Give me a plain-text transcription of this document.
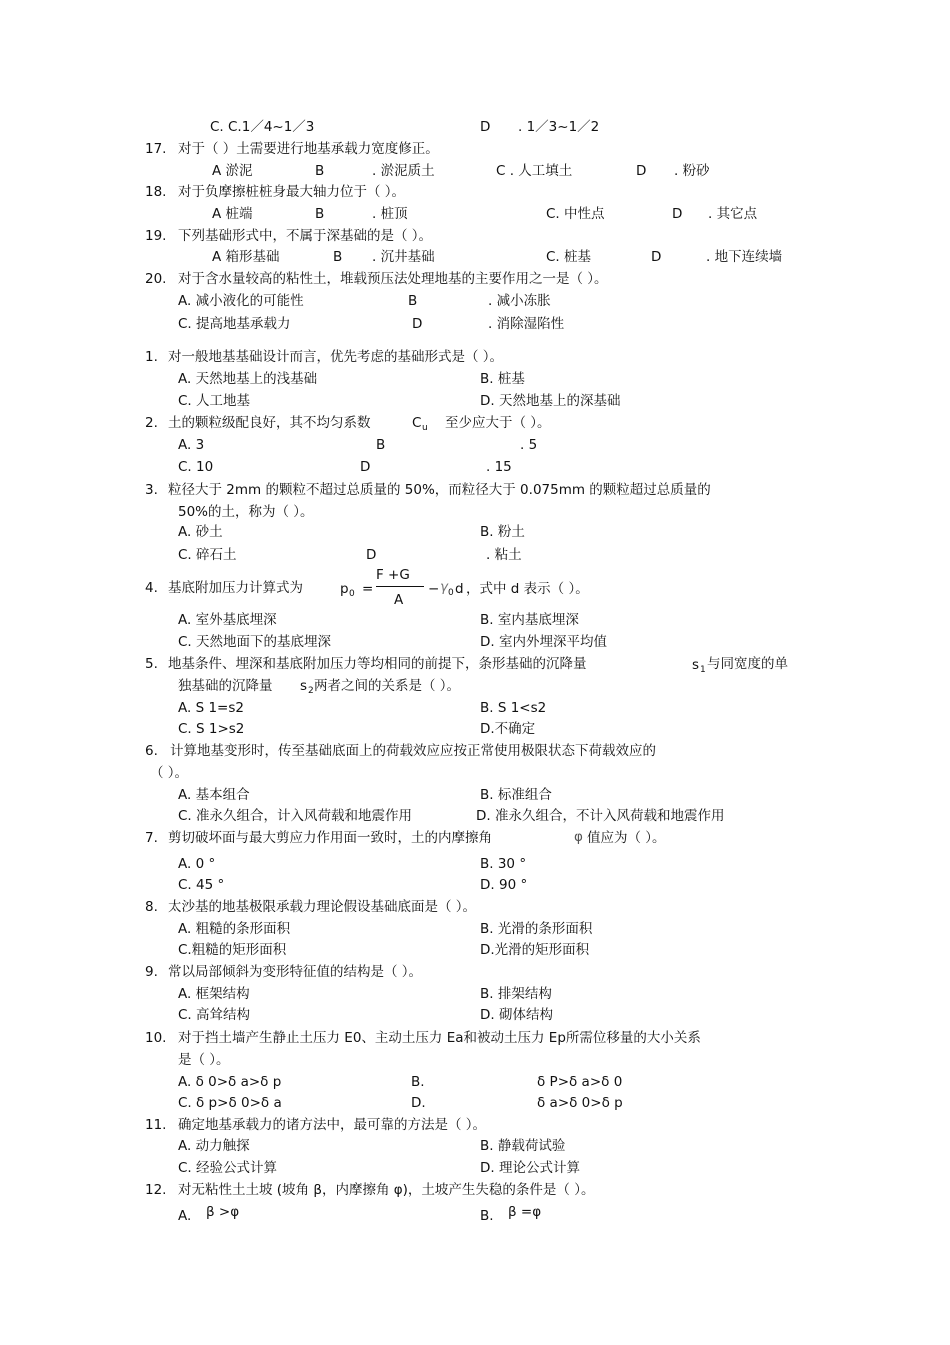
C. C.1／4~1／3	D . 1／3~1／2
17. 对于（ ）土需要进行地基承载力宽度修正。
A 淤泥	B	. 淤泥质土	C . 人工填土	D . 粉砂
18. 对于负摩擦桩桩身最大轴力位于（ ）。
A 桩端	B	. 桩顶	C. 中性点	D . 其它点
19. 下列基础形式中，不属于深基础的是（ ）。
A 箱形基础	B . 沉井基础	C. 桩基	D	. 地下连续墙
20. 对于含水量较高的粘性土，堆载预压法处理地基的主要作用之一是（ ）。
A. 减小液化的可能性	B	. 减小冻胀
C. 提高地基承载力	D	. 消除湿陷性
1. 对一般地基基础设计而言，优先考虑的基础形式是（ ）。
A. 天然地基上的浅基础	B. 桩基
C. 人工地基	D. 天然地基上的深基础
2. 土的颗粒级配良好，其不均匀系数	C u 至少应大于（ ）。
A. 3	B	. 5
C. 10	D	. 15
3. 粒径大于 2mm 的颗粒不超过总质量的 50%，而粒径大于 0.075mm 的颗粒超过总质量的
50%的土，称为（ ）。
A. 砂土	B. 粉土
C. 碎石土	D	. 粘土
4. 基底附加压力计算式为	p 0 =
F +G
A
− γ 0 d ，式中 d 表示（ ）。
A. 室外基底埋深	B. 室内基底埋深
C. 天然地面下的基底埋深	D. 室内外埋深平均值
5. 地基条件、埋深和基底附加压力等均相同的前提下，条形基础的沉降量	s 1 与同宽度的单
独基础的沉降量 s 2 两者之间的关系是（ ）。
A. S 1=s2	B. S 1<s2
C. S 1>s2	D.不确定
6. 计算地基变形时，传至基础底面上的荷载效应应按正常使用极限状态下荷载效应的
（ ）。
A. 基本组合	B. 标准组合
C. 准永久组合，计入风荷载和地震作用	D. 准永久组合，不计入风荷载和地震作用
7. 剪切破坏面与最大剪应力作用面一致时，土的内摩擦角	φ 值应为（ ）。
A. 0 °	B. 30 °
C. 45 °	D. 90 °
8. 太沙基的地基极限承载力理论假设基础底面是（ ）。
A. 粗糙的条形面积	B. 光滑的条形面积
C.粗糙的矩形面积	D.光滑的矩形面积
9. 常以局部倾斜为变形特征值的结构是（ ）。
A. 框架结构	B. 排架结构
C. 高耸结构	D. 砌体结构
10. 对于挡土墙产生静止土压力 E0、主动土压力 Ea和被动土压力 Ep所需位移量的大小关系
是（ ）。
A. δ 0>δ a>δ p	B.	δ P>δ a>δ 0
C. δ p>δ 0>δ a	D.	δ a>δ 0>δ p
11. 确定地基承载力的诸方法中，最可靠的方法是（ ）。
A. 动力触探	B. 静载荷试验
C. 经验公式计算	D. 理论公式计算
12. 对无粘性土土坡 (坡角 β，内摩擦角 φ)，土坡产生失稳的条件是（ ）。
A. β >φ	B. β =φ
